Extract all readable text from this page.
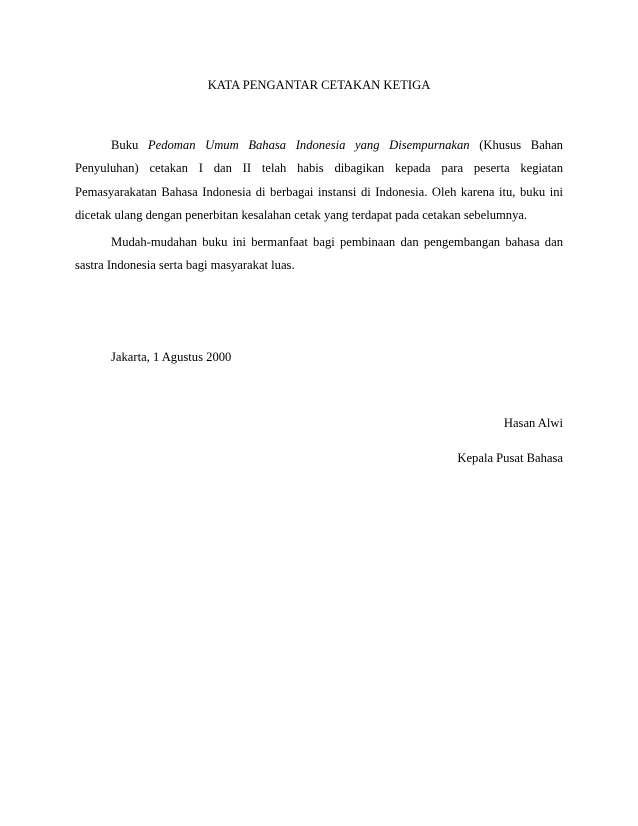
KATA PENGANTAR CETAKAN KETIGA

Buku Pedoman Umum Bahasa Indonesia yang Disempurnakan (Khusus Bahan Penyuluhan) cetakan I dan II telah habis dibagikan kepada para peserta kegiatan Pemasyarakatan Bahasa Indonesia di berbagai instansi di Indonesia. Oleh karena itu, buku ini dicetak ulang dengan penerbitan kesalahan cetak yang terdapat pada cetakan sebelumnya.

Mudah-mudahan buku ini bermanfaat bagi pembinaan dan pengembangan bahasa dan sastra Indonesia serta bagi masyarakat luas.

Jakarta, 1 Agustus 2000

Hasan Alwi

Kepala Pusat Bahasa
